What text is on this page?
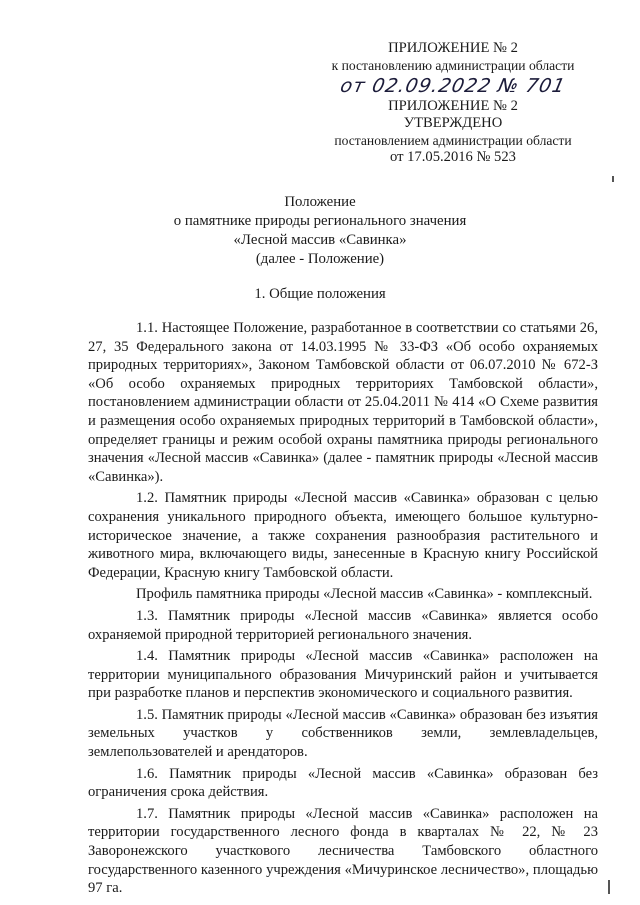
ПРИЛОЖЕНИЕ № 2
к постановлению администрации области
от 02.09.2022 № 701
ПРИЛОЖЕНИЕ № 2
УТВЕРЖДЕНО
постановлением администрации области
от 17.05.2016 № 523
Положение
о памятнике природы регионального значения
«Лесной массив «Савинка»
(далее - Положение)
1. Общие положения

1.1. Настоящее Положение, разработанное в соответствии со статьями 26, 27, 35 Федерального закона от 14.03.1995 № 33-ФЗ «Об особо охраняемых природных территориях», Законом Тамбовской области от 06.07.2010 № 672-З «Об особо охраняемых природных территориях Тамбовской области», постановлением администрации области от 25.04.2011 № 414 «О Схеме развития и размещения особо охраняемых природных территорий в Тамбовской области», определяет границы и режим особой охраны памятника природы регионального значения «Лесной массив «Савинка» (далее - памятник природы «Лесной массив «Савинка»).

1.2. Памятник природы «Лесной массив «Савинка» образован с целью сохранения уникального природного объекта, имеющего большое культурно-историческое значение, а также сохранения разнообразия растительного и животного мира, включающего виды, занесенные в Красную книгу Российской Федерации, Красную книгу Тамбовской области.

Профиль памятника природы «Лесной массив «Савинка» - комплексный.

1.3. Памятник природы «Лесной массив «Савинка» является особо охраняемой природной территорией регионального значения.

1.4. Памятник природы «Лесной массив «Савинка» расположен на территории муниципального образования Мичуринский район и учитывается при разработке планов и перспектив экономического и социального развития.

1.5. Памятник природы «Лесной массив «Савинка» образован без изъятия земельных участков у собственников земли, землевладельцев, землепользователей и арендаторов.

1.6. Памятник природы «Лесной массив «Савинка» образован без ограничения срока действия.

1.7. Памятник природы «Лесной массив «Савинка» расположен на территории государственного лесного фонда в кварталах № 22, № 23 Заворонежского участкового лесничества Тамбовского областного государственного казенного учреждения «Мичуринское лесничество», площадью 97 га.
